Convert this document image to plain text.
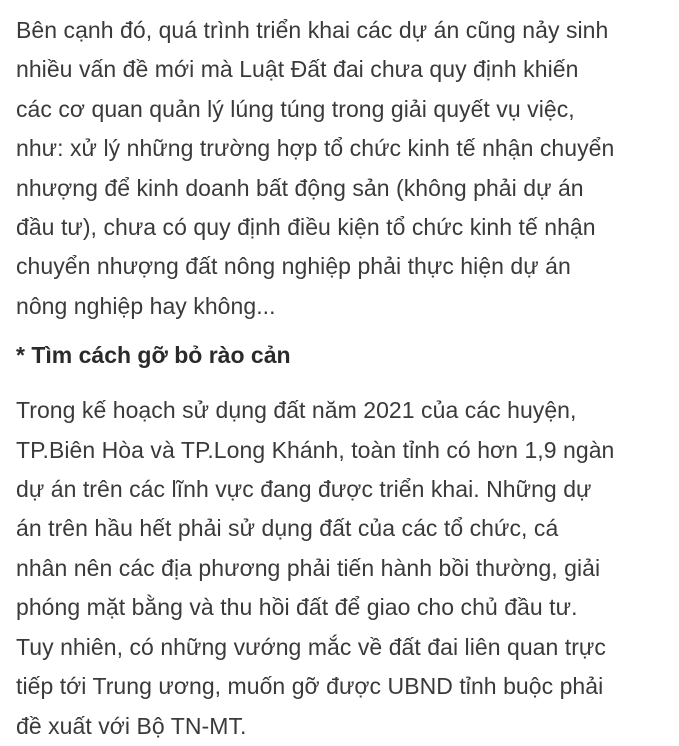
Bên cạnh đó, quá trình triển khai các dự án cũng nảy sinh
nhiều vấn đề mới mà Luật Đất đai chưa quy định khiến
các cơ quan quản lý lúng túng trong giải quyết vụ việc,
như: xử lý những trường hợp tổ chức kinh tế nhận chuyển
nhượng để kinh doanh bất động sản (không phải dự án
đầu tư), chưa có quy định điều kiện tổ chức kinh tế nhận
chuyển nhượng đất nông nghiệp phải thực hiện dự án
nông nghiệp hay không...
* Tìm cách gỡ bỏ rào cản
Trong kế hoạch sử dụng đất năm 2021 của các huyện,
TP.Biên Hòa và TP.Long Khánh, toàn tỉnh có hơn 1,9 ngàn
dự án trên các lĩnh vực đang được triển khai. Những dự
án trên hầu hết phải sử dụng đất của các tổ chức, cá
nhân nên các địa phương phải tiến hành bồi thường, giải
phóng mặt bằng và thu hồi đất để giao cho chủ đầu tư.
Tuy nhiên, có những vướng mắc về đất đai liên quan trực
tiếp tới Trung ương, muốn gỡ được UBND tỉnh buộc phải
đề xuất với Bộ TN-MT.
